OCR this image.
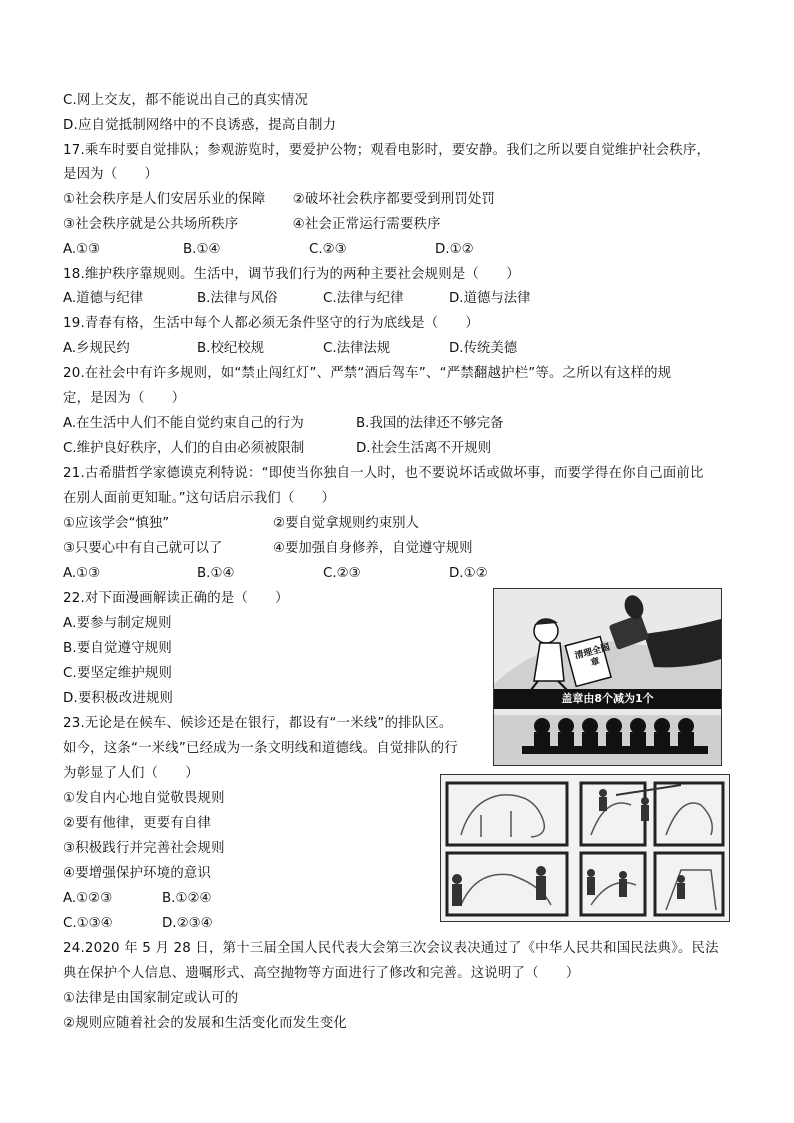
C.网上交友，都不能说出自己的真实情况
D.应自觉抵制网络中的不良诱惑，提高自制力
17.乘车时要自觉排队；参观游览时，要爱护公物；观看电影时，要安静。我们之所以要自觉维护社会秩序，
是因为（　　）
①社会秩序是人们安居乐业的保障　　②破坏社会秩序都要受到刑罚处罚
③社会秩序就是公共场所秩序　　　　④社会正常运行需要秩序
A.①③	B.①④	C.②③	D.①②
18.维护秩序靠规则。生活中，调节我们行为的两种主要社会规则是（　　）
A.道德与纪律	B.法律与风俗	C.法律与纪律	D.道德与法律
19.青春有格，生活中每个人都必须无条件坚守的行为底线是（　　）
A.乡规民约	B.校纪校规	C.法律法规	D.传统美德
20.在社会中有许多规则，如“禁止闯红灯”、严禁“酒后驾车”、“严禁翻越护栏”等。之所以有这样的规
定，是因为（　　）
A.在生活中人们不能自觉约束自己的行为	B.我国的法律还不够完备
C.维护良好秩序，人们的自由必须被限制	D.社会生活离不开规则
21.古希腊哲学家德谟克利特说：“即使当你独自一人时，也不要说坏话或做坏事，而要学得在你自己面前比
在别人面前更知耻。”这句话启示我们（　　）
①应该学会“慎独”	②要自觉拿规则约束别人
③只要心中有自己就可以了	④要加强自身修养，自觉遵守规则
A.①③	B.①④	C.②③	D.①②
22.对下面漫画解读正确的是（　　）
A.要参与制定规则
B.要自觉遵守规则
C.要坚定维护规则
D.要积极改进规则
清理全国章
盖章由8个减为1个
23.无论是在候车、候诊还是在银行，都设有“一米线”的排队区。
如今，这条“一米线”已经成为一条文明线和道德线。自觉排队的行
为彰显了人们（　　）
①发自内心地自觉敬畏规则
②要有他律，更要有自律
③积极践行并完善社会规则
④要增强保护环境的意识
A.①②③	B.①②④
C.①③④	D.②③④
24.2020 年 5 月 28 日，第十三届全国人民代表大会第三次会议表决通过了《中华人民共和国民法典》。民法
典在保护个人信息、遗嘱形式、高空抛物等方面进行了修改和完善。这说明了（　　）
①法律是由国家制定或认可的
②规则应随着社会的发展和生活变化而发生变化
